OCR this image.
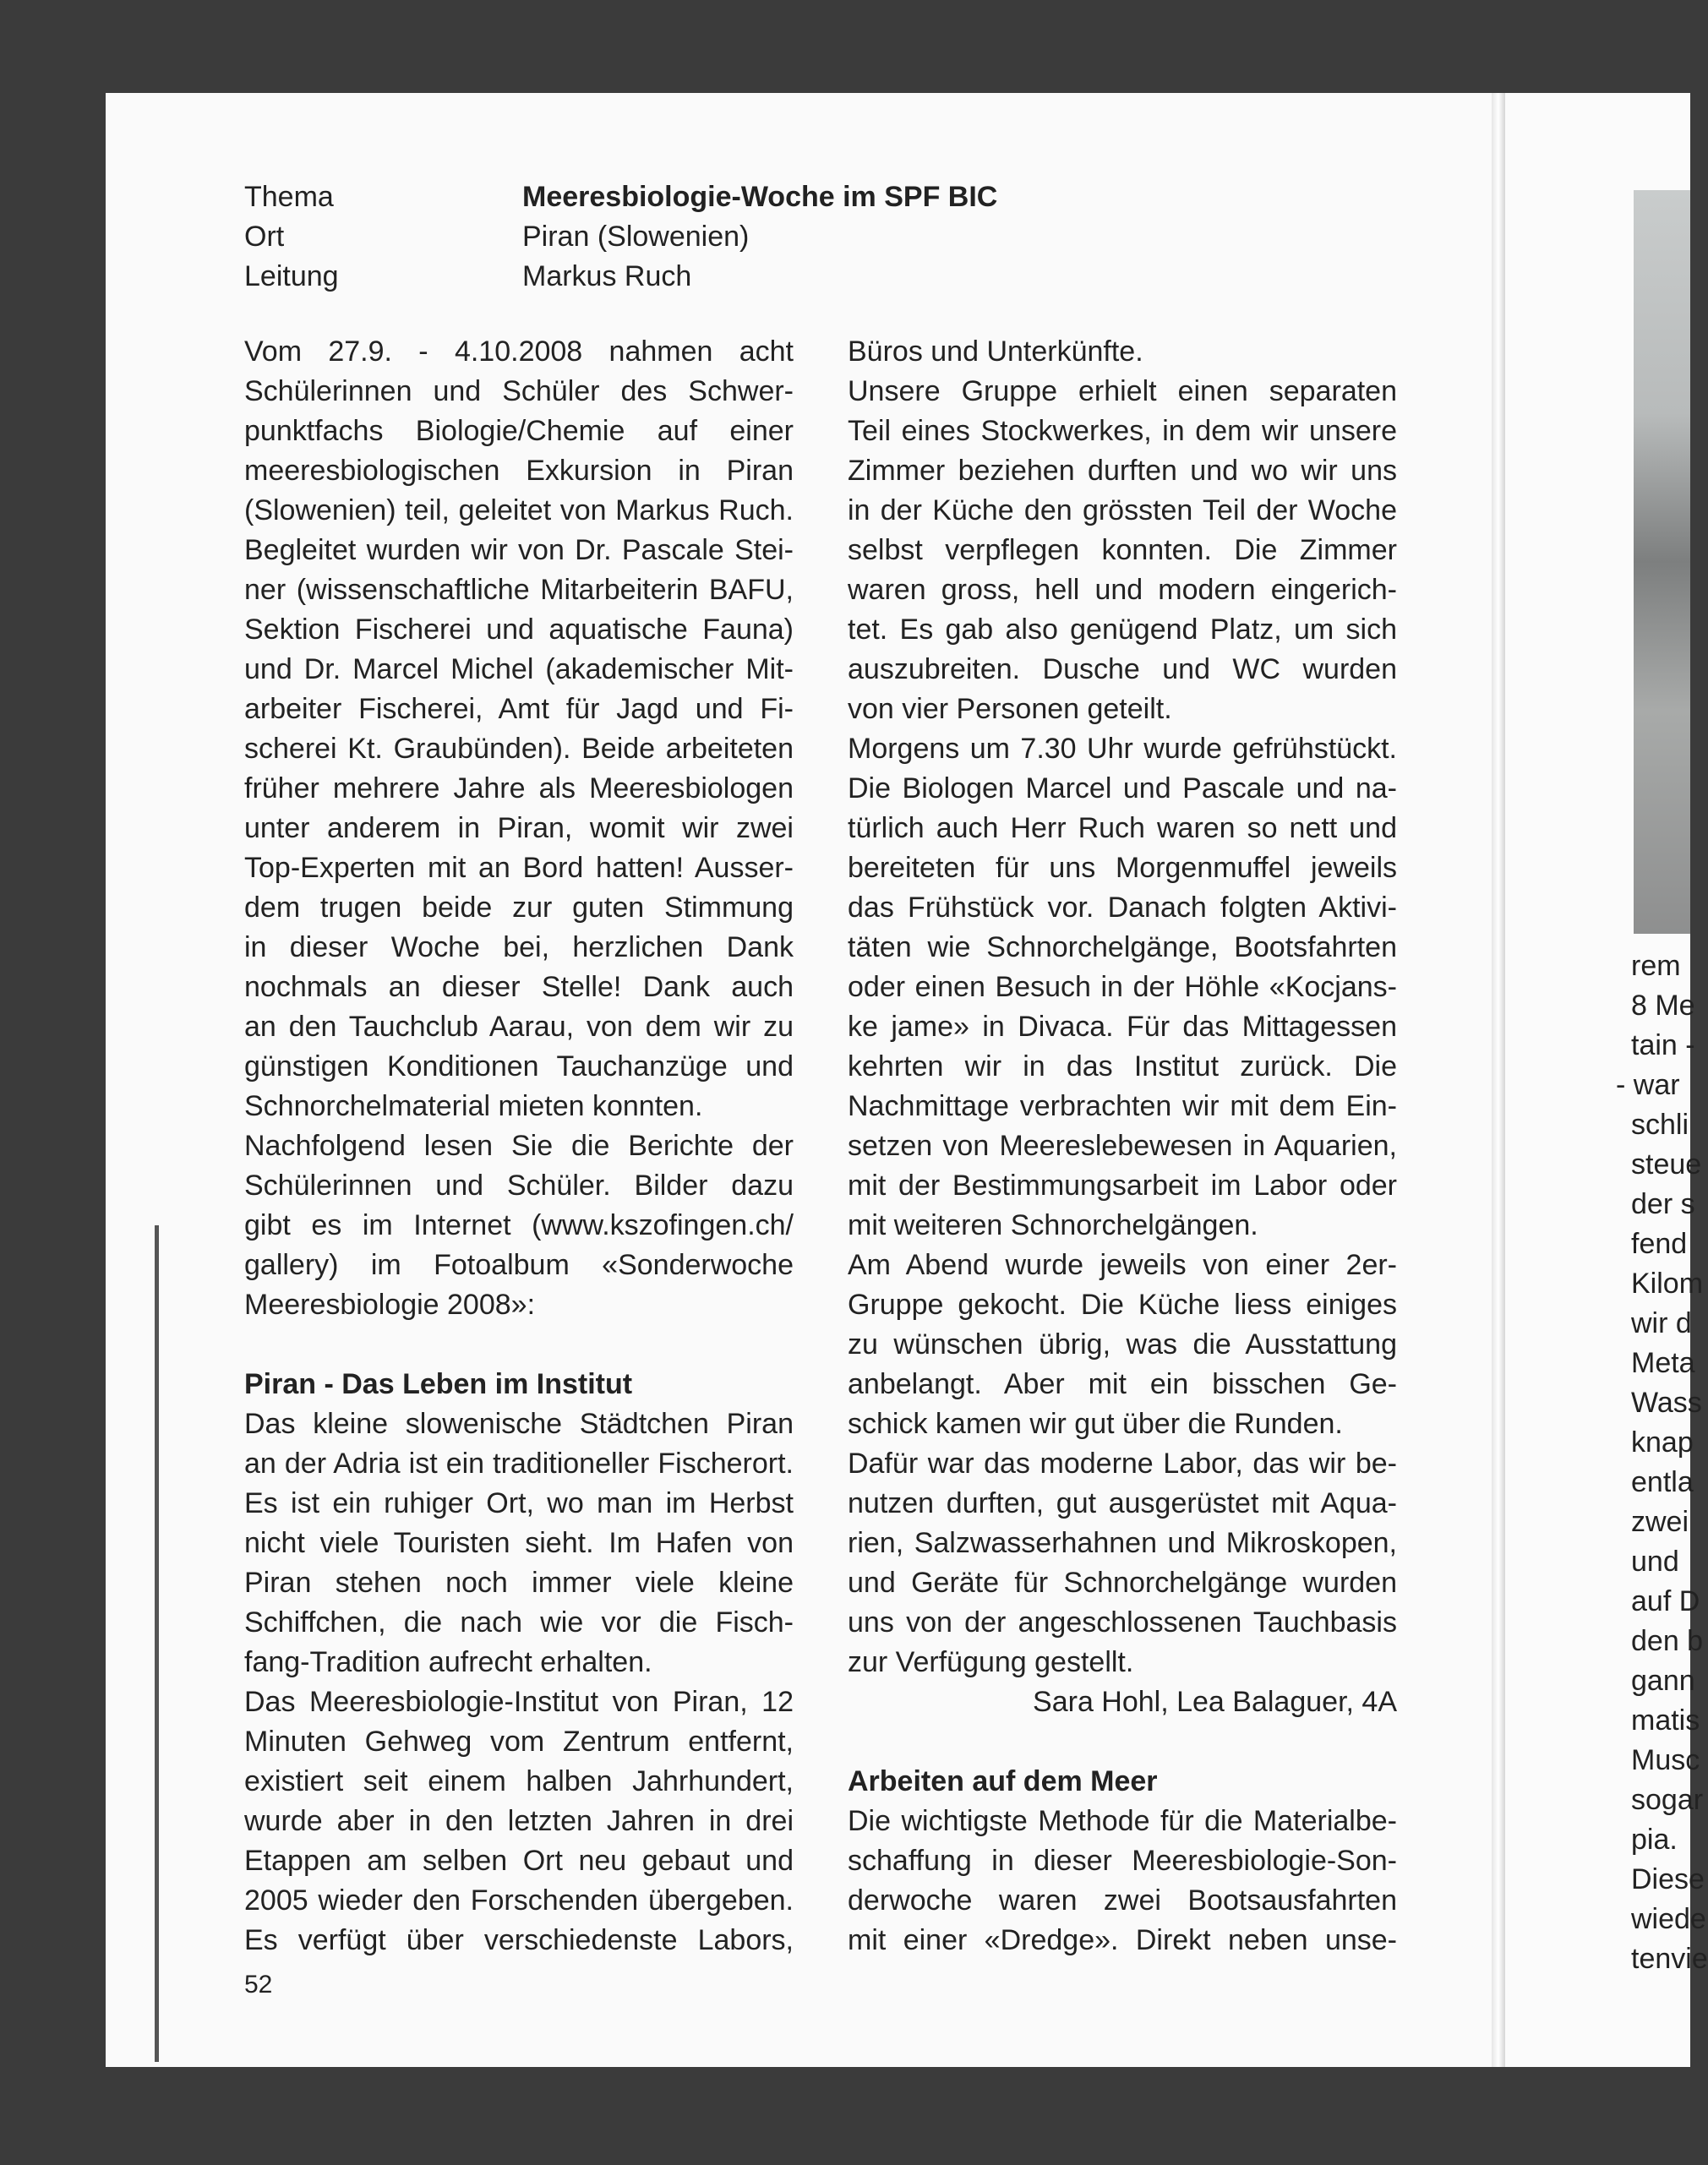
Thema	Meeresbiologie-Woche im SPF BIC
Ort	Piran (Slowenien)
Leitung	Markus Ruch
Vom 27.9. - 4.10.2008 nahmen acht
Schülerinnen und Schüler des Schwer-
punktfachs Biologie/Chemie auf einer
meeresbiologischen Exkursion in Piran
(Slowenien) teil, geleitet von Markus Ruch.
Begleitet wurden wir von Dr. Pascale Stei-
ner (wissenschaftliche Mitarbeiterin BAFU,
Sektion Fischerei und aquatische Fauna)
und Dr. Marcel Michel (akademischer Mit-
arbeiter Fischerei, Amt für Jagd und Fi-
scherei Kt. Graubünden). Beide arbeiteten
früher mehrere Jahre als Meeresbiologen
unter anderem in Piran, womit wir zwei
Top-Experten mit an Bord hatten! Ausser-
dem trugen beide zur guten Stimmung
in dieser Woche bei, herzlichen Dank
nochmals an dieser Stelle! Dank auch
an den Tauchclub Aarau, von dem wir zu
günstigen Konditionen Tauchanzüge und
Schnorchelmaterial mieten konnten.
Nachfolgend lesen Sie die Berichte der
Schülerinnen und Schüler. Bilder dazu
gibt es im Internet (www.kszofingen.ch/
gallery) im Fotoalbum «Sonderwoche
Meeresbiologie 2008»:
Piran - Das Leben im Institut
Das kleine slowenische Städtchen Piran
an der Adria ist ein traditioneller Fischerort.
Es ist ein ruhiger Ort, wo man im Herbst
nicht viele Touristen sieht. Im Hafen von
Piran stehen noch immer viele kleine
Schiffchen, die nach wie vor die Fisch-
fang-Tradition aufrecht erhalten.
Das Meeresbiologie-Institut von Piran, 12
Minuten Gehweg vom Zentrum entfernt,
existiert seit einem halben Jahrhundert,
wurde aber in den letzten Jahren in drei
Etappen am selben Ort neu gebaut und
2005 wieder den Forschenden übergeben.
Es verfügt über verschiedenste Labors,
Büros und Unterkünfte.
Unsere Gruppe erhielt einen separaten
Teil eines Stockwerkes, in dem wir unsere
Zimmer beziehen durften und wo wir uns
in der Küche den grössten Teil der Woche
selbst verpflegen konnten. Die Zimmer
waren gross, hell und modern eingerich-
tet. Es gab also genügend Platz, um sich
auszubreiten. Dusche und WC wurden
von vier Personen geteilt.
Morgens um 7.30 Uhr wurde gefrühstückt.
Die Biologen Marcel und Pascale und na-
türlich auch Herr Ruch waren so nett und
bereiteten für uns Morgenmuffel jeweils
das Frühstück vor. Danach folgten Aktivi-
täten wie Schnorchelgänge, Bootsfahrten
oder einen Besuch in der Höhle «Kocjans-
ke jame» in Divaca. Für das Mittagessen
kehrten wir in das Institut zurück. Die
Nachmittage verbrachten wir mit dem Ein-
setzen von Meereslebewesen in Aquarien,
mit der Bestimmungsarbeit im Labor oder
mit weiteren Schnorchelgängen.
Am Abend wurde jeweils von einer 2er-
Gruppe gekocht. Die Küche liess einiges
zu wünschen übrig, was die Ausstattung
anbelangt. Aber mit ein bisschen Ge-
schick kamen wir gut über die Runden.
Dafür war das moderne Labor, das wir be-
nutzen durften, gut ausgerüstet mit Aqua-
rien, Salzwasserhahnen und Mikroskopen,
und Geräte für Schnorchelgänge wurden
uns von der angeschlossenen Tauchbasis
zur Verfügung gestellt.
Sara Hohl, Lea Balaguer, 4A
Arbeiten auf dem Meer
Die wichtigste Methode für die Materialbe-
schaffung in dieser Meeresbiologie-Son-
derwoche waren zwei Bootsausfahrten
mit einer «Dredge». Direkt neben unse-
rem
8 Me
tain -
- war
schli
steue
der s
fend
Kilom
wir d
Meta
Wass
knap
entla
zwei
und
auf D
den b
gann
matis
Musc
sogar
pia.
Diese
wiede
tenvie
52
